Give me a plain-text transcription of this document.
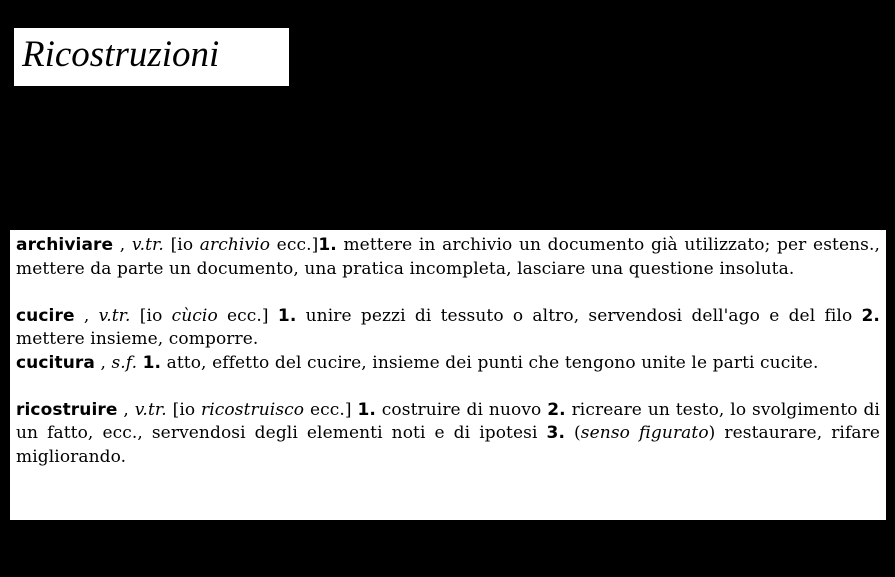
Ricostruzioni

archiviare , v.tr. [io archivio ecc.]1. mettere in archivio un documento già utilizzato; per estens., mettere da parte un documento, una pratica incompleta, lasciare una questione insoluta.

cucire , v.tr. [io cùcio ecc.] 1. unire pezzi di tessuto o altro, servendosi dell'ago e del filo 2. mettere insieme, comporre.

cucitura , s.f. 1. atto, effetto del cucire, insieme dei punti che tengono unite le parti cucite.

ricostruire , v.tr. [io ricostruisco ecc.] 1. costruire di nuovo 2. ricreare un testo, lo svolgimento di un fatto, ecc., servendosi degli elementi noti e di ipotesi 3. (senso figurato) restaurare, rifare migliorando.
